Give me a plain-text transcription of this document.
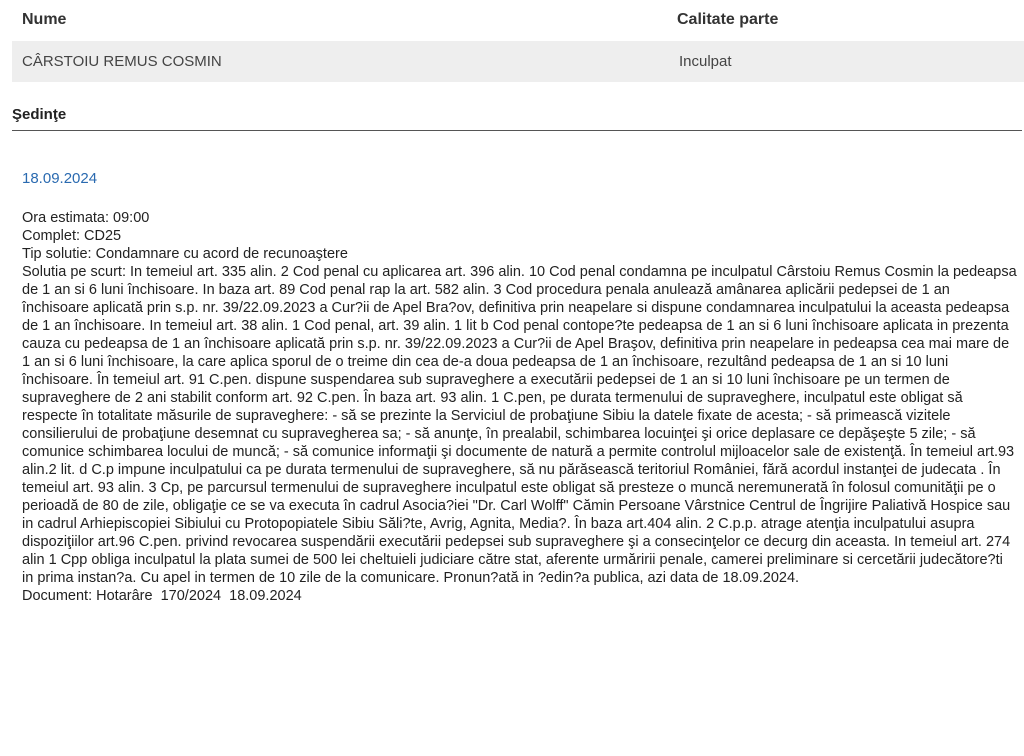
Nume	Calitate parte
CÂRSTOIU REMUS COSMIN	Inculpat
Şedinţe
18.09.2024
Ora estimata: 09:00
Complet: CD25
Tip solutie: Condamnare cu acord de recunoaştere
Solutia pe scurt: In temeiul art. 335 alin. 2 Cod penal cu aplicarea art. 396 alin. 10 Cod penal condamna pe inculpatul Cârstoiu Remus Cosmin la pedeapsa de 1 an si 6 luni închisoare. In baza art. 89 Cod penal rap la art. 582 alin. 3 Cod procedura penala anulează amânarea aplicării pedepsei de 1 an închisoare aplicată prin s.p. nr. 39/22.09.2023 a Cur?ii de Apel Bra?ov, definitiva prin neapelare si dispune condamnarea inculpatului la aceasta pedeapsa de 1 an închisoare. In temeiul art. 38 alin. 1 Cod penal, art. 39 alin. 1 lit b Cod penal contope?te pedeapsa de 1 an si 6 luni închisoare aplicata in prezenta cauza cu pedeapsa de 1 an închisoare aplicată prin s.p. nr. 39/22.09.2023 a Cur?ii de Apel Braşov, definitiva prin neapelare in pedeapsa cea mai mare de 1 an si 6 luni închisoare, la care aplica sporul de o treime din cea de-a doua pedeapsa de 1 an închisoare, rezultând pedeapsa de 1 an si 10 luni închisoare. În temeiul art. 91 C.pen. dispune suspendarea sub supraveghere a executării pedepsei de 1 an si 10 luni închisoare pe un termen de supraveghere de 2 ani stabilit conform art. 92 C.pen. În baza art. 93 alin. 1 C.pen, pe durata termenului de supraveghere, inculpatul este obligat să respecte în totalitate măsurile de supraveghere: - să se prezinte la Serviciul de probaţiune Sibiu la datele fixate de acesta; - să primească vizitele consilierului de probaţiune desemnat cu supravegherea sa; - să anunţe, în prealabil, schimbarea locuinţei şi orice deplasare ce depăşeşte 5 zile; - să comunice schimbarea locului de muncă; - să comunice informaţii şi documente de natură a permite controlul mijloacelor sale de existenţă. În temeiul art.93 alin.2 lit. d C.p impune inculpatului ca pe durata termenului de supraveghere, să nu părăsească teritoriul României, fără acordul instanţei de judecata . În temeiul art. 93 alin. 3 Cp, pe parcursul termenului de supraveghere inculpatul este obligat să presteze o muncă neremunerată în folosul comunităţii pe o perioadă de 80 de zile, obligaţie ce se va executa în cadrul Asocia?iei "Dr. Carl Wolff" Cămin Persoane Vârstnice Centrul de Îngrijire Paliativă Hospice sau in cadrul Arhiepiscopiei Sibiului cu Protopopiatele Sibiu Săli?te, Avrig, Agnita, Media?. În baza art.404 alin. 2 C.p.p. atrage atenţia inculpatului asupra dispoziţiilor art.96 C.pen. privind revocarea suspendării executării pedepsei sub supraveghere şi a consecinţelor ce decurg din aceasta. In temeiul art. 274 alin 1 Cpp obliga inculpatul la plata sumei de 500 lei cheltuieli judiciare către stat, aferente urmăririi penale, camerei preliminare si cercetării judecătore?ti in prima instan?a. Cu apel in termen de 10 zile de la comunicare. Pronun?ată in ?edin?a publica, azi data de 18.09.2024.
Document: Hotarâre  170/2024  18.09.2024
